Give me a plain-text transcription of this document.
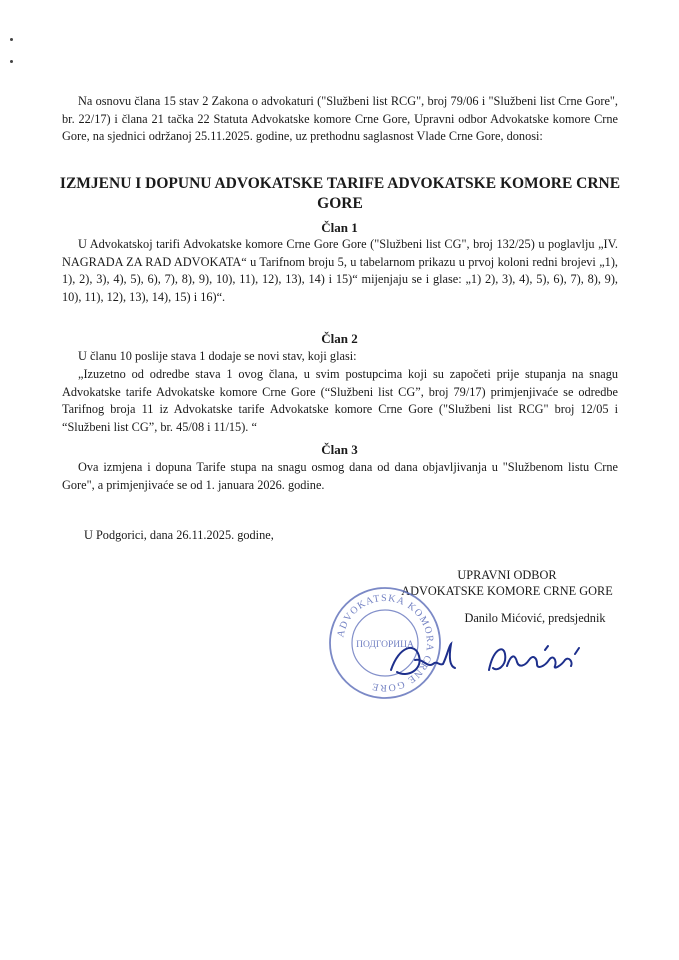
Na osnovu člana 15 stav 2 Zakona o advokaturi ("Službeni list RCG", broj 79/06 i "Službeni list Crne Gore", br. 22/17) i člana 21 tačka 22 Statuta Advokatske komore Crne Gore, Upravni odbor Advokatske komore Crne Gore, na sjednici održanoj 25.11.2025. godine, uz prethodnu saglasnost Vlade Crne Gore, donosi:

IZMJENU I DOPUNU ADVOKATSKE TARIFE ADVOKATSKE KOMORE CRNE GORE

Član 1

U Advokatskoj tarifi Advokatske komore Crne Gore Gore ("Službeni list CG", broj 132/25) u poglavlju „IV. NAGRADA ZA RAD ADVOKATA“ u Tarifnom broju 5, u tabelarnom prikazu u prvoj koloni redni brojevi „1), 1), 2), 3), 4), 5), 6), 7), 8), 9), 10), 11), 12), 13), 14) i 15)“ mijenjaju se i glase: „1) 2), 3), 4), 5), 6), 7), 8), 9), 10), 11), 12), 13), 14), 15) i 16)“.

Član 2

U članu 10 poslije stava 1 dodaje se novi stav, koji glasi:

„Izuzetno od odredbe stava 1 ovog člana, u svim postupcima koji su započeti prije stupanja na snagu Advokatske tarife Advokatske komore Crne Gore (“Službeni list CG”, broj 79/17) primjenjivaće se odredbe Tarifnog broja 11 iz Advokatske tarife Advokatske komore Crne Gore ("Službeni list RCG" broj 12/05 i “Službeni list CG”, br. 45/08 i 11/15). “

Član 3

Ova izmjena i dopuna Tarife stupa na snagu osmog dana od dana objavljivanja u "Službenom listu Crne Gore", a primjenjivaće se od 1. januara 2026. godine.

U Podgorici, dana 26.11.2025. godine,

UPRAVNI ODBOR

ADVOKATSKE KOMORE CRNE GORE

Danilo Mićović, predsjednik

ADVOKATSKA KOMORA CRNE GORE
ПОДГОРИЦА
